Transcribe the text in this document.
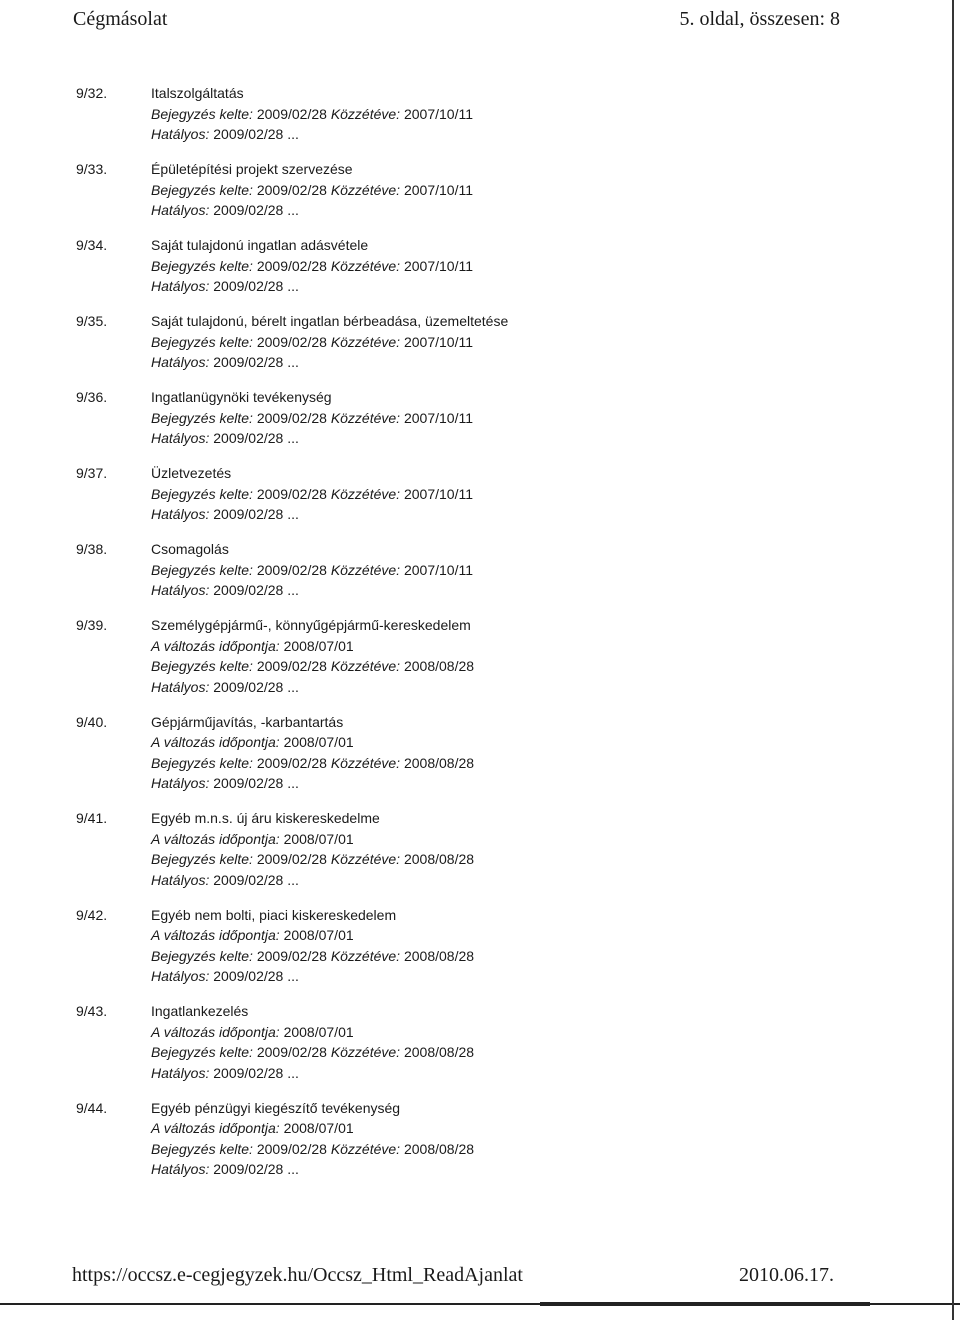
Cégmásolat	5. oldal, összesen: 8
9/32.	Italszolgáltatás
Bejegyzés kelte: 2009/02/28 Közzétéve: 2007/10/11
Hatályos: 2009/02/28 ...
9/33.	Épületépítési projekt szervezése
Bejegyzés kelte: 2009/02/28 Közzétéve: 2007/10/11
Hatályos: 2009/02/28 ...
9/34.	Saját tulajdonú ingatlan adásvétele
Bejegyzés kelte: 2009/02/28 Közzétéve: 2007/10/11
Hatályos: 2009/02/28 ...
9/35.	Saját tulajdonú, bérelt ingatlan bérbeadása, üzemeltetése
Bejegyzés kelte: 2009/02/28 Közzétéve: 2007/10/11
Hatályos: 2009/02/28 ...
9/36.	Ingatlanügynöki tevékenység
Bejegyzés kelte: 2009/02/28 Közzétéve: 2007/10/11
Hatályos: 2009/02/28 ...
9/37.	Üzletvezetés
Bejegyzés kelte: 2009/02/28 Közzétéve: 2007/10/11
Hatályos: 2009/02/28 ...
9/38.	Csomagolás
Bejegyzés kelte: 2009/02/28 Közzétéve: 2007/10/11
Hatályos: 2009/02/28 ...
9/39.	Személygépjármű-, könnyűgépjármű-kereskedelem
A változás időpontja: 2008/07/01
Bejegyzés kelte: 2009/02/28 Közzétéve: 2008/08/28
Hatályos: 2009/02/28 ...
9/40.	Gépjárműjavítás, -karbantartás
A változás időpontja: 2008/07/01
Bejegyzés kelte: 2009/02/28 Közzétéve: 2008/08/28
Hatályos: 2009/02/28 ...
9/41.	Egyéb m.n.s. új áru kiskereskedelme
A változás időpontja: 2008/07/01
Bejegyzés kelte: 2009/02/28 Közzétéve: 2008/08/28
Hatályos: 2009/02/28 ...
9/42.	Egyéb nem bolti, piaci kiskereskedelem
A változás időpontja: 2008/07/01
Bejegyzés kelte: 2009/02/28 Közzétéve: 2008/08/28
Hatályos: 2009/02/28 ...
9/43.	Ingatlankezelés
A változás időpontja: 2008/07/01
Bejegyzés kelte: 2009/02/28 Közzétéve: 2008/08/28
Hatályos: 2009/02/28 ...
9/44.	Egyéb pénzügyi kiegészítő tevékenység
A változás időpontja: 2008/07/01
Bejegyzés kelte: 2009/02/28 Közzétéve: 2008/08/28
Hatályos: 2009/02/28 ...
https://occsz.e-cegjegyzek.hu/Occsz_Html_ReadAjanlat	2010.06.17.
